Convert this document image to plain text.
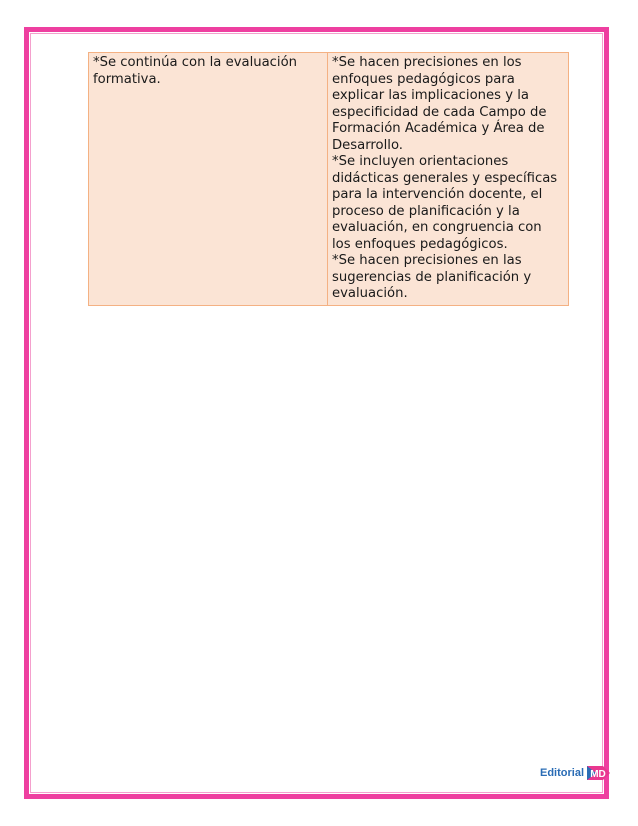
*Se continúa con la evaluación
formativa.

*Se hacen precisiones en los
enfoques pedagógicos para
explicar las implicaciones y la
especificidad de cada Campo de
Formación Académica y Área de
Desarrollo.
*Se incluyen orientaciones
didácticas generales y específicas
para la intervención docente, el
proceso de planificación y la
evaluación, en congruencia con
los enfoques pedagógicos.
*Se hacen precisiones en las
sugerencias de planificación y
evaluación.
Editorial MD
